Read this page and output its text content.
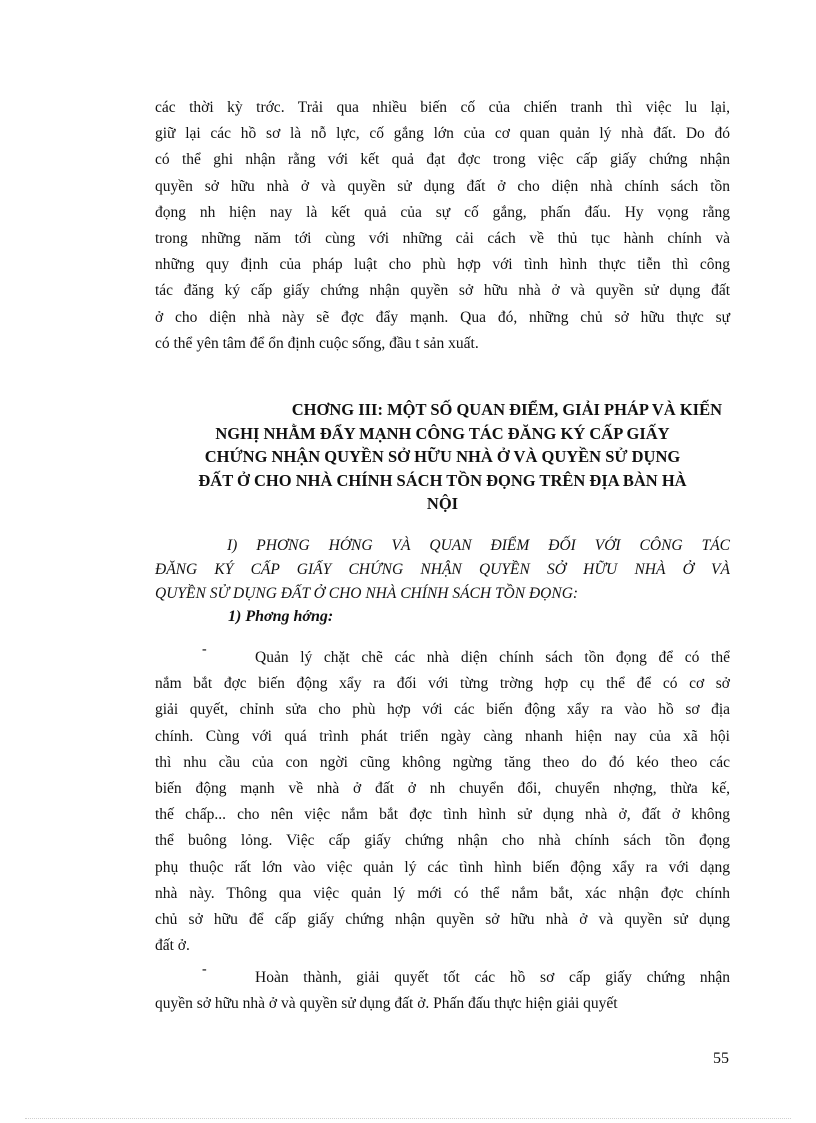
các thời kỳ trớc. Trải qua nhiều biến cố của chiến tranh thì việc lu lại,
giữ lại các hồ sơ là nỗ lực, cố gắng lớn của cơ quan quản lý nhà đất. Do đó
có thể ghi nhận rằng với kết quả đạt đợc trong việc cấp giấy chứng nhận
quyền sở hữu nhà ở và quyền sử dụng đất ở cho diện nhà chính sách tồn
đọng nh hiện nay là kết quả của sự cố gắng, phấn đấu. Hy vọng rằng
trong những năm tới cùng với những cải cách về thủ tục hành chính và
những quy định của pháp luật cho phù hợp với tình hình thực tiễn thì công
tác đăng ký cấp giấy chứng nhận quyền sở hữu nhà ở và quyền sử dụng đất
ở cho diện nhà này sẽ đợc đẩy mạnh. Qua đó, những chủ sở hữu thực sự
có thể yên tâm để ổn định cuộc sống, đầu t sản xuất.
CHƠNG III: MỘT SỐ QUAN ĐIỂM, GIẢI PHÁP VÀ KIẾN
NGHỊ NHẰM ĐẨY MẠNH CÔNG TÁC ĐĂNG KÝ CẤP GIẤY
CHỨNG NHẬN QUYỀN SỞ HỮU NHÀ Ở VÀ QUYỀN SỬ DỤNG
ĐẤT Ở CHO NHÀ CHÍNH SÁCH TỒN ĐỌNG TRÊN ĐỊA BÀN HÀ
NỘI
I) PHƠNG HỚNG VÀ QUAN ĐIỂM ĐỐI VỚI CÔNG TÁC
ĐĂNG KÝ CẤP GIẤY CHỨNG NHẬN QUYỀN SỞ HỮU NHÀ Ở VÀ
QUYỀN SỬ DỤNG ĐẤT Ở CHO NHÀ CHÍNH SÁCH TỒN ĐỌNG:
1) Phơng hớng:
-	Quản lý chặt chẽ các nhà diện chính sách tồn đọng để có thể
nắm bắt đợc biến động xẩy ra đối với từng trờng hợp cụ thể để có cơ sở
giải quyết, chỉnh sửa cho phù hợp với các biến động xẩy ra vào hồ sơ địa
chính. Cùng với quá trình phát triển ngày càng nhanh hiện nay của xã hội
thì nhu cầu của con ngời cũng không ngừng tăng theo do đó kéo theo các
biến động mạnh về nhà ở đất ở nh chuyển đổi, chuyển nhợng, thừa kế,
thế chấp... cho nên việc nắm bắt đợc tình hình sử dụng nhà ở, đất ở không
thể buông lỏng. Việc cấp giấy chứng nhận cho nhà chính sách tồn đọng
phụ thuộc rất lớn vào việc quản lý các tình hình biến động xẩy ra với dạng
nhà này. Thông qua việc quản lý mới có thể nắm bắt, xác nhận đợc chính
chủ sở hữu để cấp giấy chứng nhận quyền sở hữu nhà ở và quyền sử dụng
đất ở.
-	Hoàn thành, giải quyết tốt các hồ sơ cấp giấy chứng nhận
quyền sở hữu nhà ở và quyền sử dụng đất ở. Phấn đấu thực hiện giải quyết
55
